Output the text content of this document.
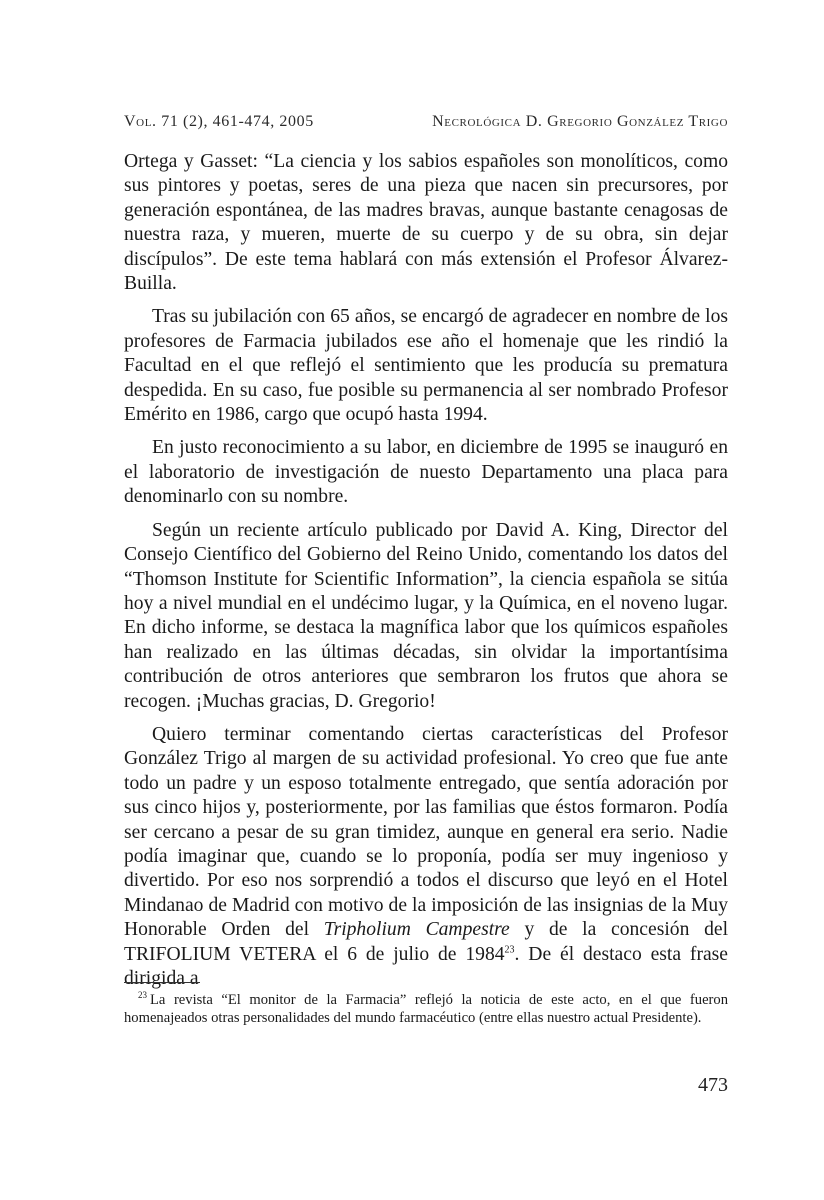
Vol. 71 (2), 461-474, 2005	Necrológica D. Gregorio González Trigo

Ortega y Gasset: “La ciencia y los sabios españoles son monolíticos, como sus pintores y poetas, seres de una pieza que nacen sin precursores, por generación espontánea, de las madres bravas, aunque bastante cenagosas de nuestra raza, y mueren, muerte de su cuerpo y de su obra, sin dejar discípulos”. De este tema hablará con más extensión el Profesor Álvarez-Builla.

Tras su jubilación con 65 años, se encargó de agradecer en nombre de los profesores de Farmacia jubilados ese año el homenaje que les rindió la Facultad en el que reflejó el sentimiento que les producía su prematura despedida. En su caso, fue posible su permanencia al ser nombrado Profesor Emérito en 1986, cargo que ocupó hasta 1994.

En justo reconocimiento a su labor, en diciembre de 1995 se inauguró en el laboratorio de investigación de nuesto Departamento una placa para denominarlo con su nombre.

Según un reciente artículo publicado por David A. King, Director del Consejo Científico del Gobierno del Reino Unido, comentando los datos del “Thomson Institute for Scientific Information”, la ciencia española se sitúa hoy a nivel mundial en el undécimo lugar, y la Química, en el noveno lugar. En dicho informe, se destaca la magnífica labor que los químicos españoles han realizado en las últimas décadas, sin olvidar la importantísima contribución de otros anteriores que sembraron los frutos que ahora se recogen. ¡Muchas gracias, D. Gregorio!

Quiero terminar comentando ciertas características del Profesor González Trigo al margen de su actividad profesional. Yo creo que fue ante todo un padre y un esposo totalmente entregado, que sentía adoración por sus cinco hijos y, posteriormente, por las familias que éstos formaron. Podía ser cercano a pesar de su gran timidez, aunque en general era serio. Nadie podía imaginar que, cuando se lo proponía, podía ser muy ingenioso y divertido. Por eso nos sorprendió a todos el discurso que leyó en el Hotel Mindanao de Madrid con motivo de la imposición de las insignias de la Muy Honorable Orden del Tripholium Campestre y de la concesión del TRIFOLIUM VETERA el 6 de julio de 1984$^{23}$. De él destaco esta frase dirigida a

$^{23}$ La revista “El monitor de la Farmacia” reflejó la noticia de este acto, en el que fueron homenajeados otras personalidades del mundo farmacéutico (entre ellas nuestro actual Presidente).
473
